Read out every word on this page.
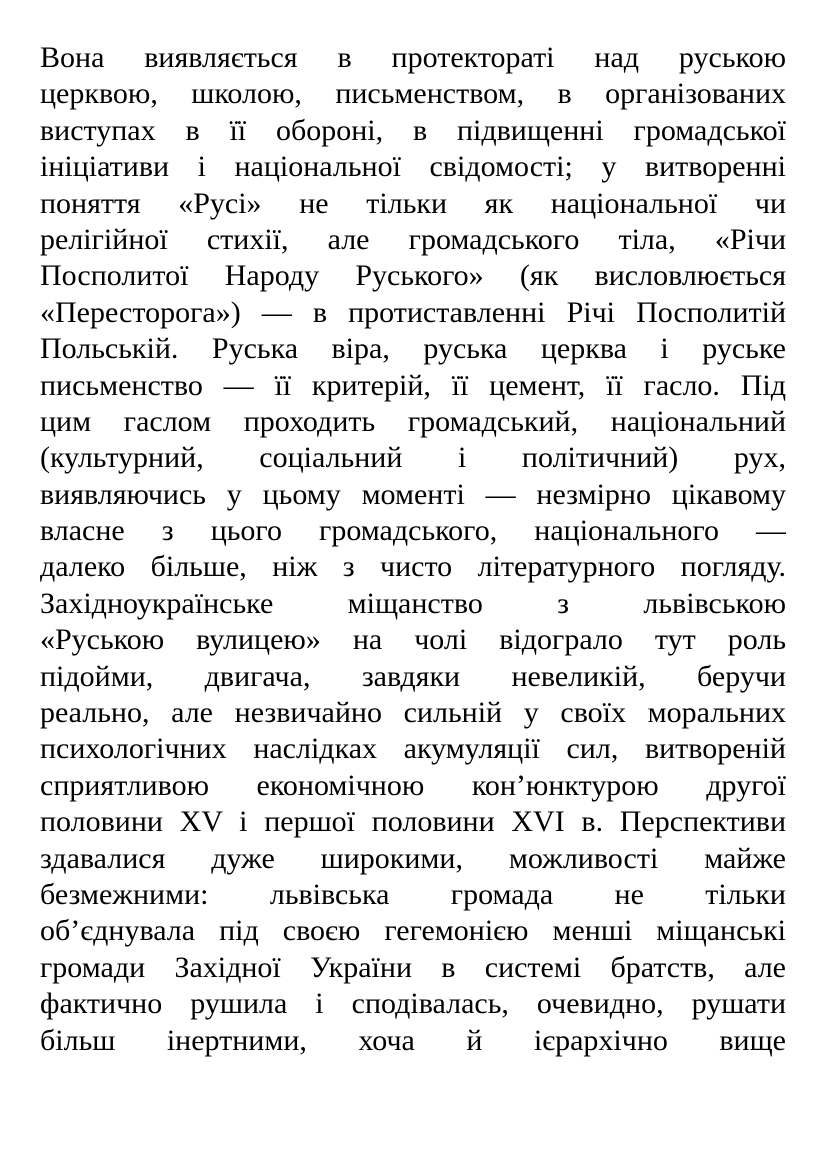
Вона виявляється в протектораті над руською
церквою, школою, письменством, в організованих
виступах в її обороні, в підвищенні громадської
ініціативи і національної свідомості; у витворенні
поняття «Русі» не тільки як національної чи
релігійної стихії, але громадського тіла, «Річи
Посполитої Народу Руського» (як висловлюється
«Пересторога») — в протиставленні Річі Посполитій
Польській. Руська віра, руська церква і руське
письменство — її критерій, її цемент, її гасло. Під
цим гаслом проходить громадський, національний
(культурний, соціальний і політичний) рух,
виявляючись у цьому моменті — незмірно цікавому
власне з цього громадського, національного —
далеко більше, ніж з чисто літературного погляду.
Західноукраїнське міщанство з львівською
«Руською вулицею» на чолі відограло тут роль
підойми, двигача, завдяки невеликій, беручи
реально, але незвичайно сильній у своїх моральних
психологічних наслідках акумуляції сил, витвореній
сприятливою економічною кон’юнктурою другої
половини XV і першої половини XVI в. Перспективи
здавалися дуже широкими, можливості майже
безмежними: львівська громада не тільки
об’єднувала під своєю гегемонією менші міщанські
громади Західної України в системі братств, але
фактично рушила і сподівалась, очевидно, рушати
більш інертними, хоча й ієрархічно вище
